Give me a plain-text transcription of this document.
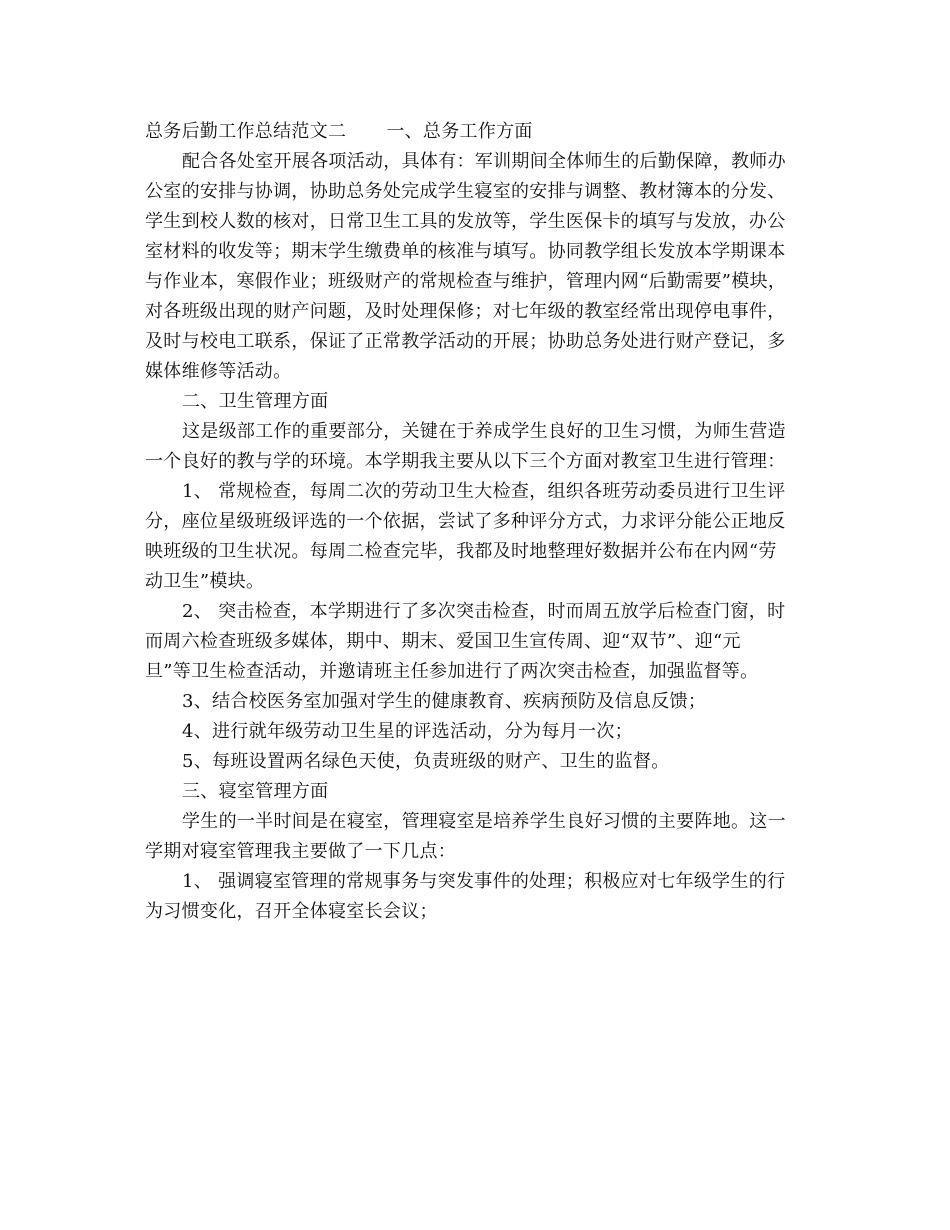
总务后勤工作总结范文二 一、总务工作方面
配合各处室开展各项活动，具体有：军训期间全体师生的后勤保障，教师办
公室的安排与协调，协助总务处完成学生寝室的安排与调整、教材簿本的分发、
学生到校人数的核对，日常卫生工具的发放等，学生医保卡的填写与发放，办公
室材料的收发等；期末学生缴费单的核准与填写。协同教学组长发放本学期课本
与作业本，寒假作业；班级财产的常规检查与维护，管理内网“后勤需要”模块，
对各班级出现的财产问题，及时处理保修；对七年级的教室经常出现停电事件，
及时与校电工联系，保证了正常教学活动的开展；协助总务处进行财产登记，多
媒体维修等活动。
二、卫生管理方面
这是级部工作的重要部分，关键在于养成学生良好的卫生习惯，为师生营造
一个良好的教与学的环境。本学期我主要从以下三个方面对教室卫生进行管理：
1、 常规检查，每周二次的劳动卫生大检查，组织各班劳动委员进行卫生评
分，座位星级班级评选的一个依据，尝试了多种评分方式，力求评分能公正地反
映班级的卫生状况。每周二检查完毕，我都及时地整理好数据并公布在内网“劳
动卫生”模块。
2、 突击检查，本学期进行了多次突击检查，时而周五放学后检查门窗，时
而周六检查班级多媒体，期中、期末、爱国卫生宣传周、迎“双节”、迎“元
旦”等卫生检查活动，并邀请班主任参加进行了两次突击检查，加强监督等。
3、结合校医务室加强对学生的健康教育、疾病预防及信息反馈；
4、进行就年级劳动卫生星的评选活动，分为每月一次；
5、每班设置两名绿色天使，负责班级的财产、卫生的监督。
三、寝室管理方面
学生的一半时间是在寝室，管理寝室是培养学生良好习惯的主要阵地。这一
学期对寝室管理我主要做了一下几点：
1、 强调寝室管理的常规事务与突发事件的处理；积极应对七年级学生的行
为习惯变化，召开全体寝室长会议；
